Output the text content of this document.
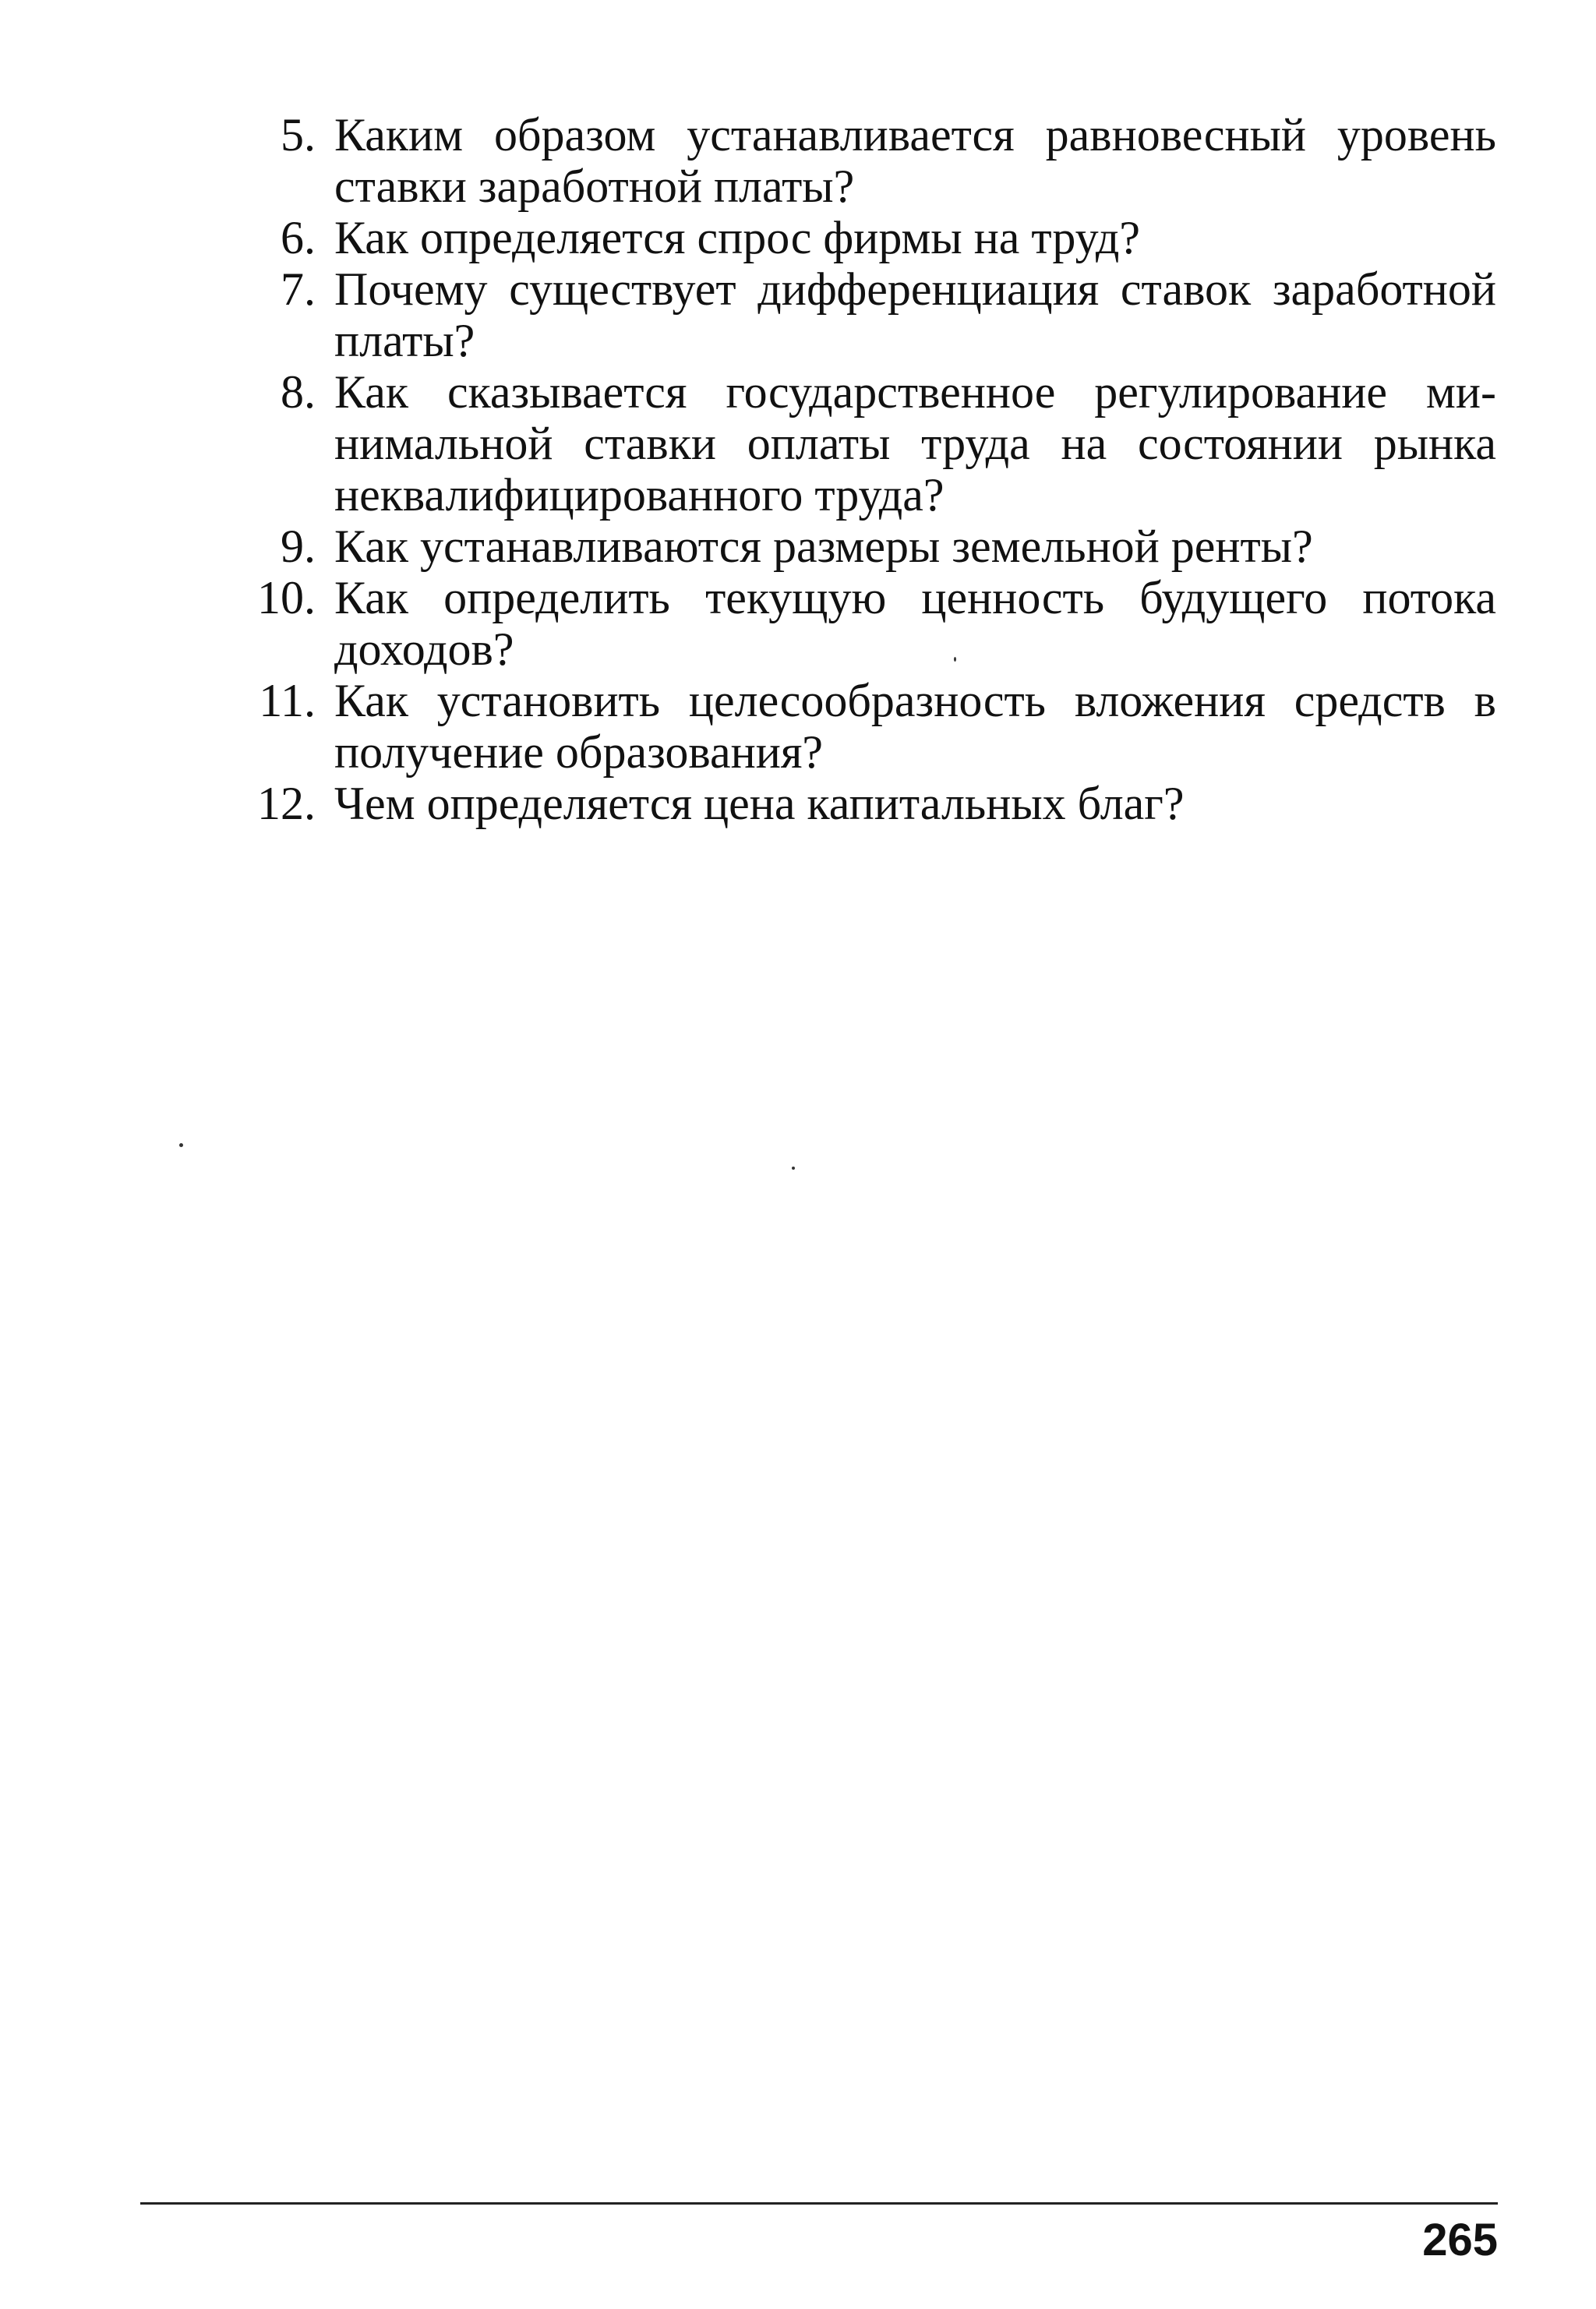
5. Каким образом устанавливается равновесный уровень ставки заработной платы?
6. Как определяется спрос фирмы на труд?
7. Почему существует дифференциация ставок заработной платы?
8. Как сказывается государственное регулирование минимальной ставки оплаты труда на состоянии рынка неквалифицированного труда?
9. Как устанавливаются размеры земельной ренты?
10. Как определить текущую ценность будущего потока доходов?
11. Как установить целесообразность вложения средств в получение образования?
12. Чем определяется цена капитальных благ?
265
